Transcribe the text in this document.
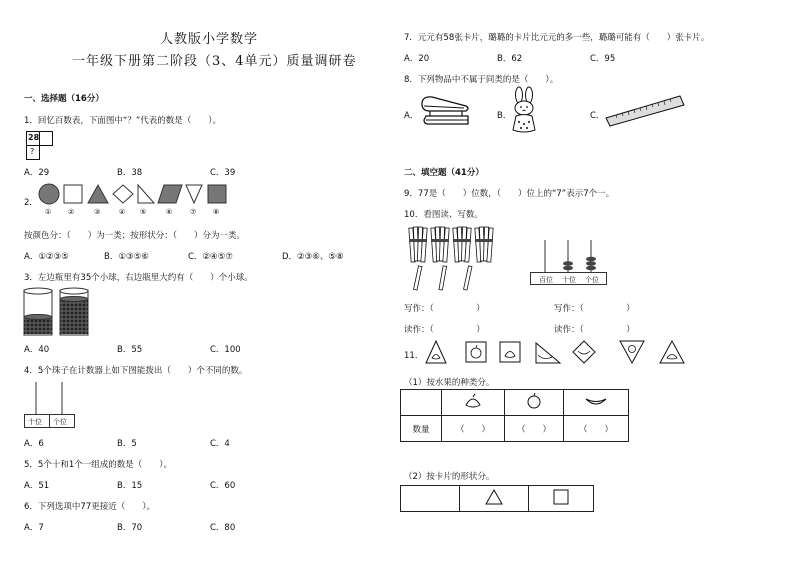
人教版小学数学
一年级下册第二阶段（3、4单元）质量调研卷
一、选择题（16分）
1．回忆百数表，下面图中“？”代表的数是（　　）。
28
?
A．29	B．38	C．39
2．
① ②	③	④ ⑤	⑥	⑦ ⑧
按颜色分：（　　）为一类；按形状分：（　　）分为一类。
A．①②③⑤	B．①③⑤⑥	C．②④⑤⑦	D．②③⑥、⑤⑧
3．左边瓶里有35个小球，右边瓶里大约有（　　）个小球。
A．40	B．55	C．100
4．5个珠子在计数器上如下图能拨出（　　）个不同的数。
十位 个位
A．6	B．5	C．4
5．5个十和1个一组成的数是（　　）。
A．51	B．15	C．60
6．下列选项中77更接近（　　）。
A．7	B．70	C．80
7．元元有58张卡片，璐璐的卡片比元元的多一些，璐璐可能有（　　）张卡片。
A．20	B．62	C．95
8．下列物品中不属于同类的是（　　）。
A．	B．	C．
二、填空题（41分）
9．77是（　　）位数，（　　）位上的“7”表示7个一。
10．看图读、写数。
百位 十位 个位
写作：（　　　　　）
读作：（　　　　　）
写作：（　　　　　）
读作：（　　　　　）
11．
（1）按水果的种类分。

数量	（　　）	（　　）	（　　）
（2）按卡片的形状分。
